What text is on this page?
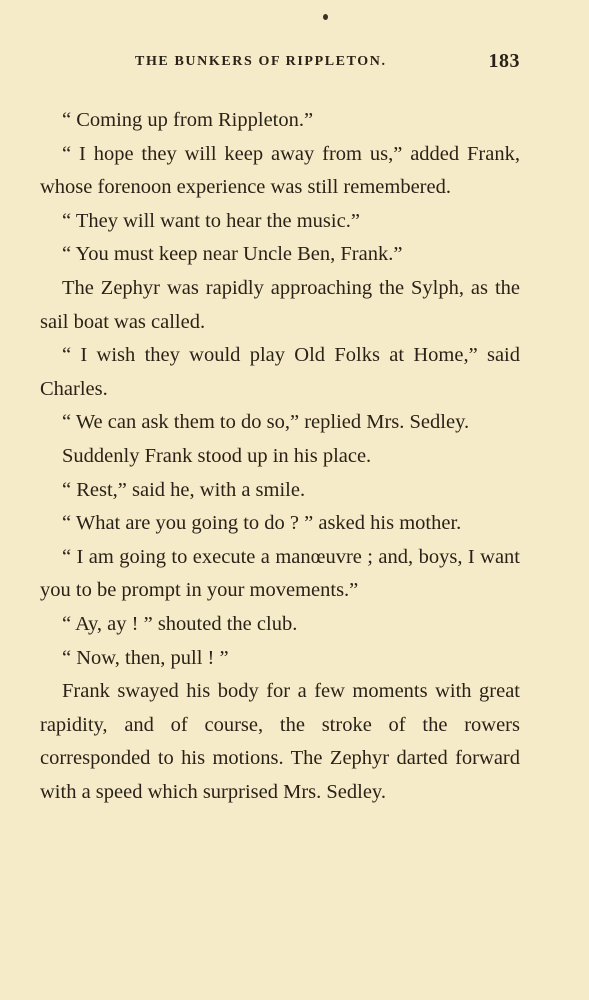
THE BUNKERS OF RIPPLETON.	183

“ Coming up from Rippleton.”

“ I hope they will keep away from us,” added Frank, whose forenoon experience was still remembered.

“ They will want to hear the music.”

“ You must keep near Uncle Ben, Frank.”

The Zephyr was rapidly approaching the Sylph, as the sail boat was called.

“ I wish they would play Old Folks at Home,” said Charles.

“ We can ask them to do so,” replied Mrs. Sedley.

Suddenly Frank stood up in his place.

“ Rest,” said he, with a smile.

“ What are you going to do ? ” asked his mother.

“ I am going to execute a manœuvre ; and, boys, I want you to be prompt in your movements.”

“ Ay, ay ! ” shouted the club.

“ Now, then, pull ! ”

Frank swayed his body for a few moments with great rapidity, and of course, the stroke of the rowers corresponded to his motions. The Zephyr darted forward with a speed which surprised Mrs. Sedley.
